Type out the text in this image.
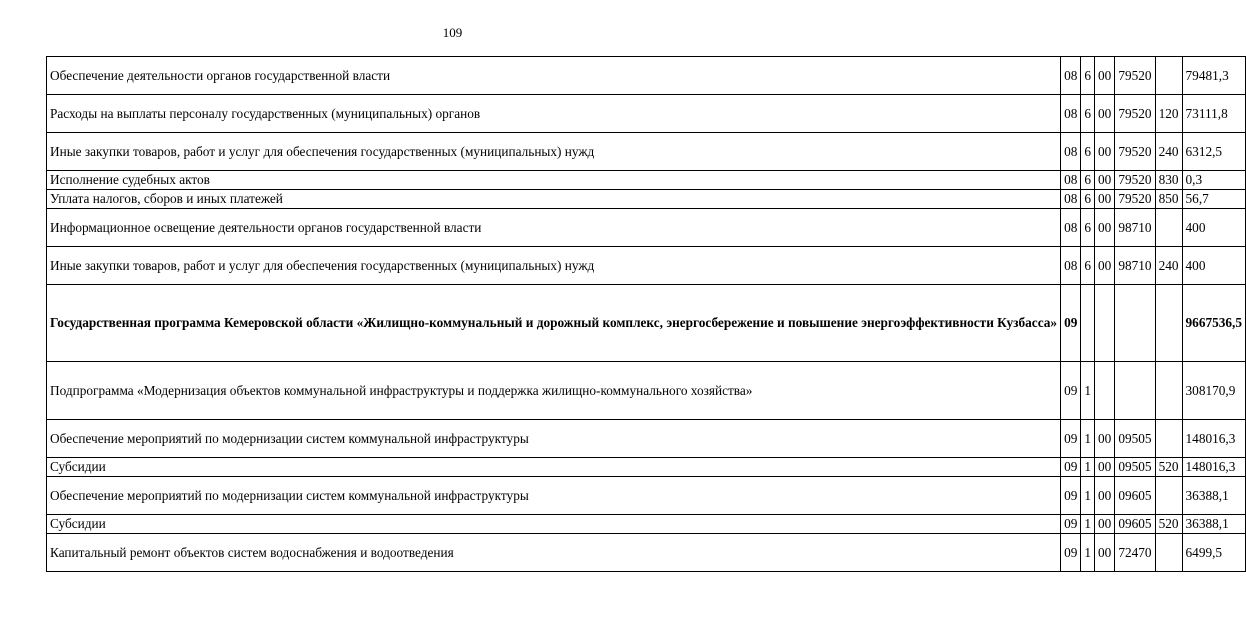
109
Обеспечение деятельности органов государственной власти	08	6	00	79520		79481,3
Расходы на выплаты персоналу государственных (муниципальных) органов	08	6	00	79520	120	73111,8
Иные закупки товаров, работ и услуг для обеспечения государственных (муниципальных) нужд	08	6	00	79520	240	6312,5
Исполнение судебных актов	08	6	00	79520	830	0,3
Уплата налогов, сборов и иных платежей	08	6	00	79520	850	56,7
Информационное освещение деятельности органов государственной власти	08	6	00	98710		400
Иные закупки товаров, работ и услуг для обеспечения государственных (муниципальных) нужд	08	6	00	98710	240	400
Государственная программа Кемеровской области «Жилищно-коммунальный и дорожный комплекс, энергосбережение и повышение энергоэффективности Кузбасса»	09					9667536,5
Подпрограмма «Модернизация объектов коммунальной инфраструктуры и поддержка жилищно-коммунального хозяйства»	09	1				308170,9
Обеспечение мероприятий по модернизации систем коммунальной инфраструктуры	09	1	00	09505		148016,3
Субсидии	09	1	00	09505	520	148016,3
Обеспечение мероприятий по модернизации систем коммунальной инфраструктуры	09	1	00	09605		36388,1
Субсидии	09	1	00	09605	520	36388,1
Капитальный ремонт объектов систем водоснабжения и водоотведения	09	1	00	72470		6499,5
